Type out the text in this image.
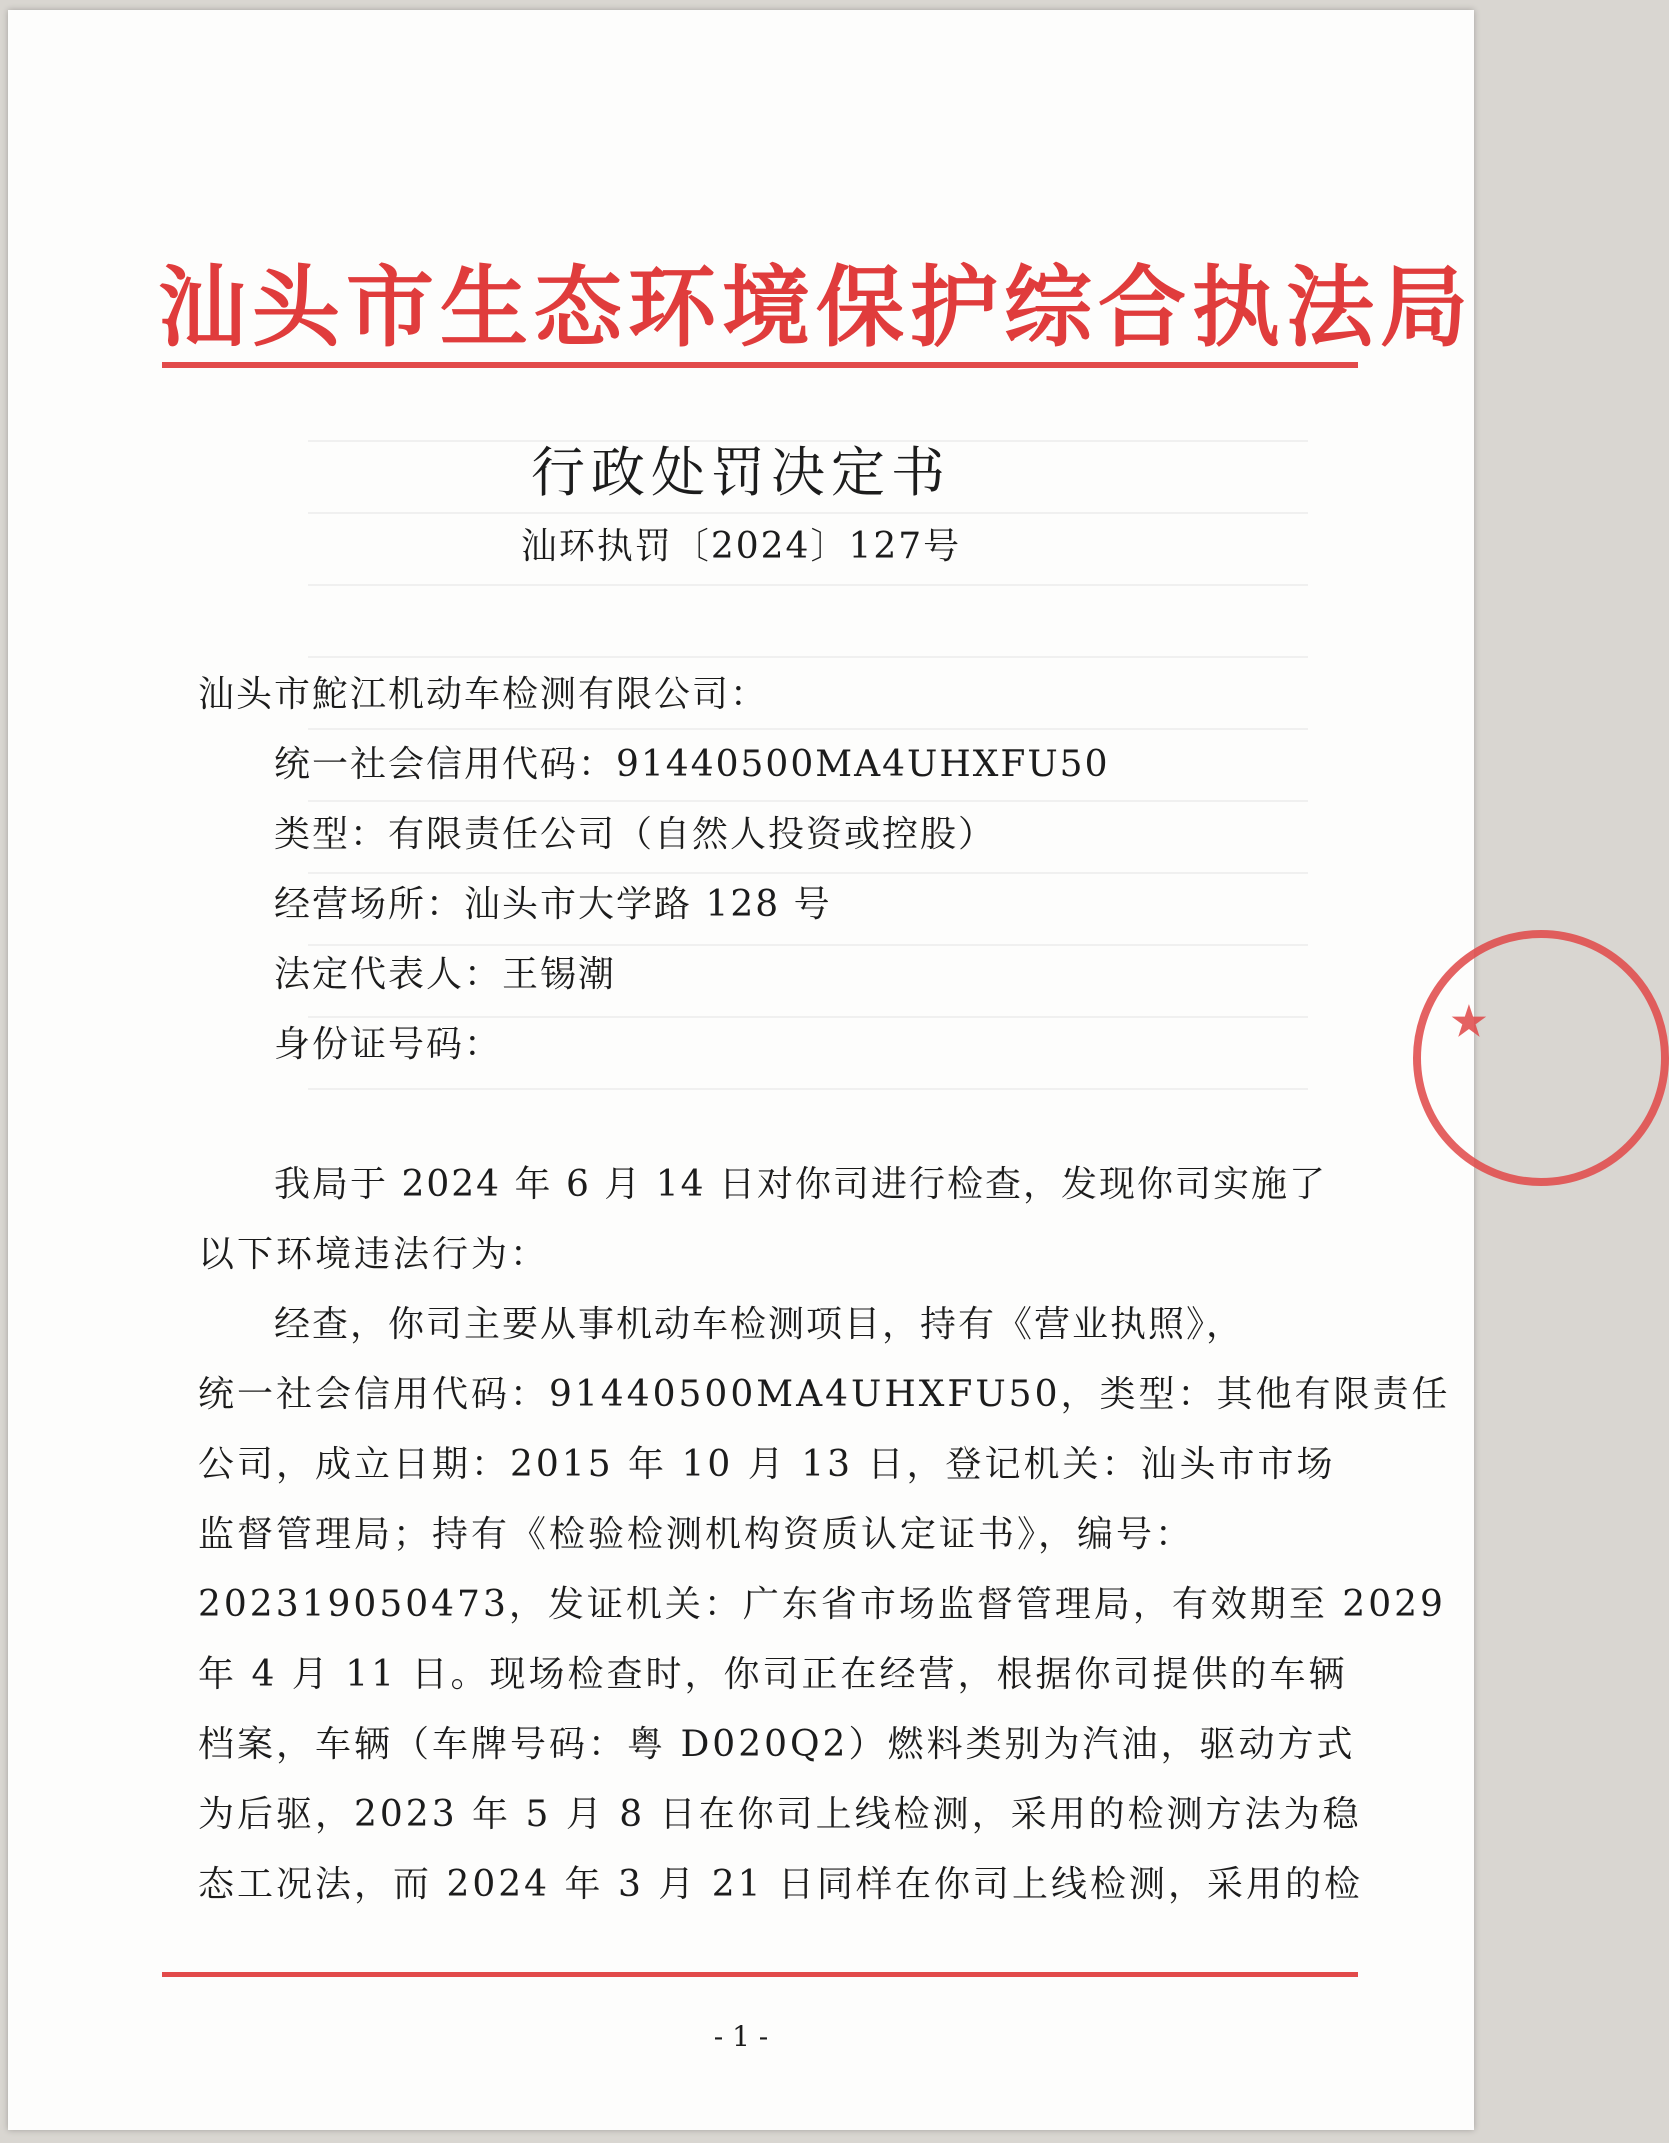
汕头市生态环境保护综合执法局
行政处罚决定书
汕环执罚〔2024〕127号
汕头市鮀江机动车检测有限公司：
统一社会信用代码：91440500MA4UHXFU50
类型：有限责任公司（自然人投资或控股）
经营场所：汕头市大学路 128 号
法定代表人：王锡潮
身份证号码：
我局于 2024 年 6 月 14 日对你司进行检查，发现你司实施了
以下环境违法行为：
经查，你司主要从事机动车检测项目，持有《营业执照》，
统一社会信用代码：91440500MA4UHXFU50，类型：其他有限责任
公司，成立日期：2015 年 10 月 13 日，登记机关：汕头市市场
监督管理局；持有《检验检测机构资质认定证书》，编号：
202319050473，发证机关：广东省市场监督管理局，有效期至 2029
年 4 月 11 日。现场检查时，你司正在经营，根据你司提供的车辆
档案，车辆（车牌号码：粤 D020Q2）燃料类别为汽油，驱动方式
为后驱，2023 年 5 月 8 日在你司上线检测，采用的检测方法为稳
态工况法，而 2024 年 3 月 21 日同样在你司上线检测，采用的检
- 1 -
★
